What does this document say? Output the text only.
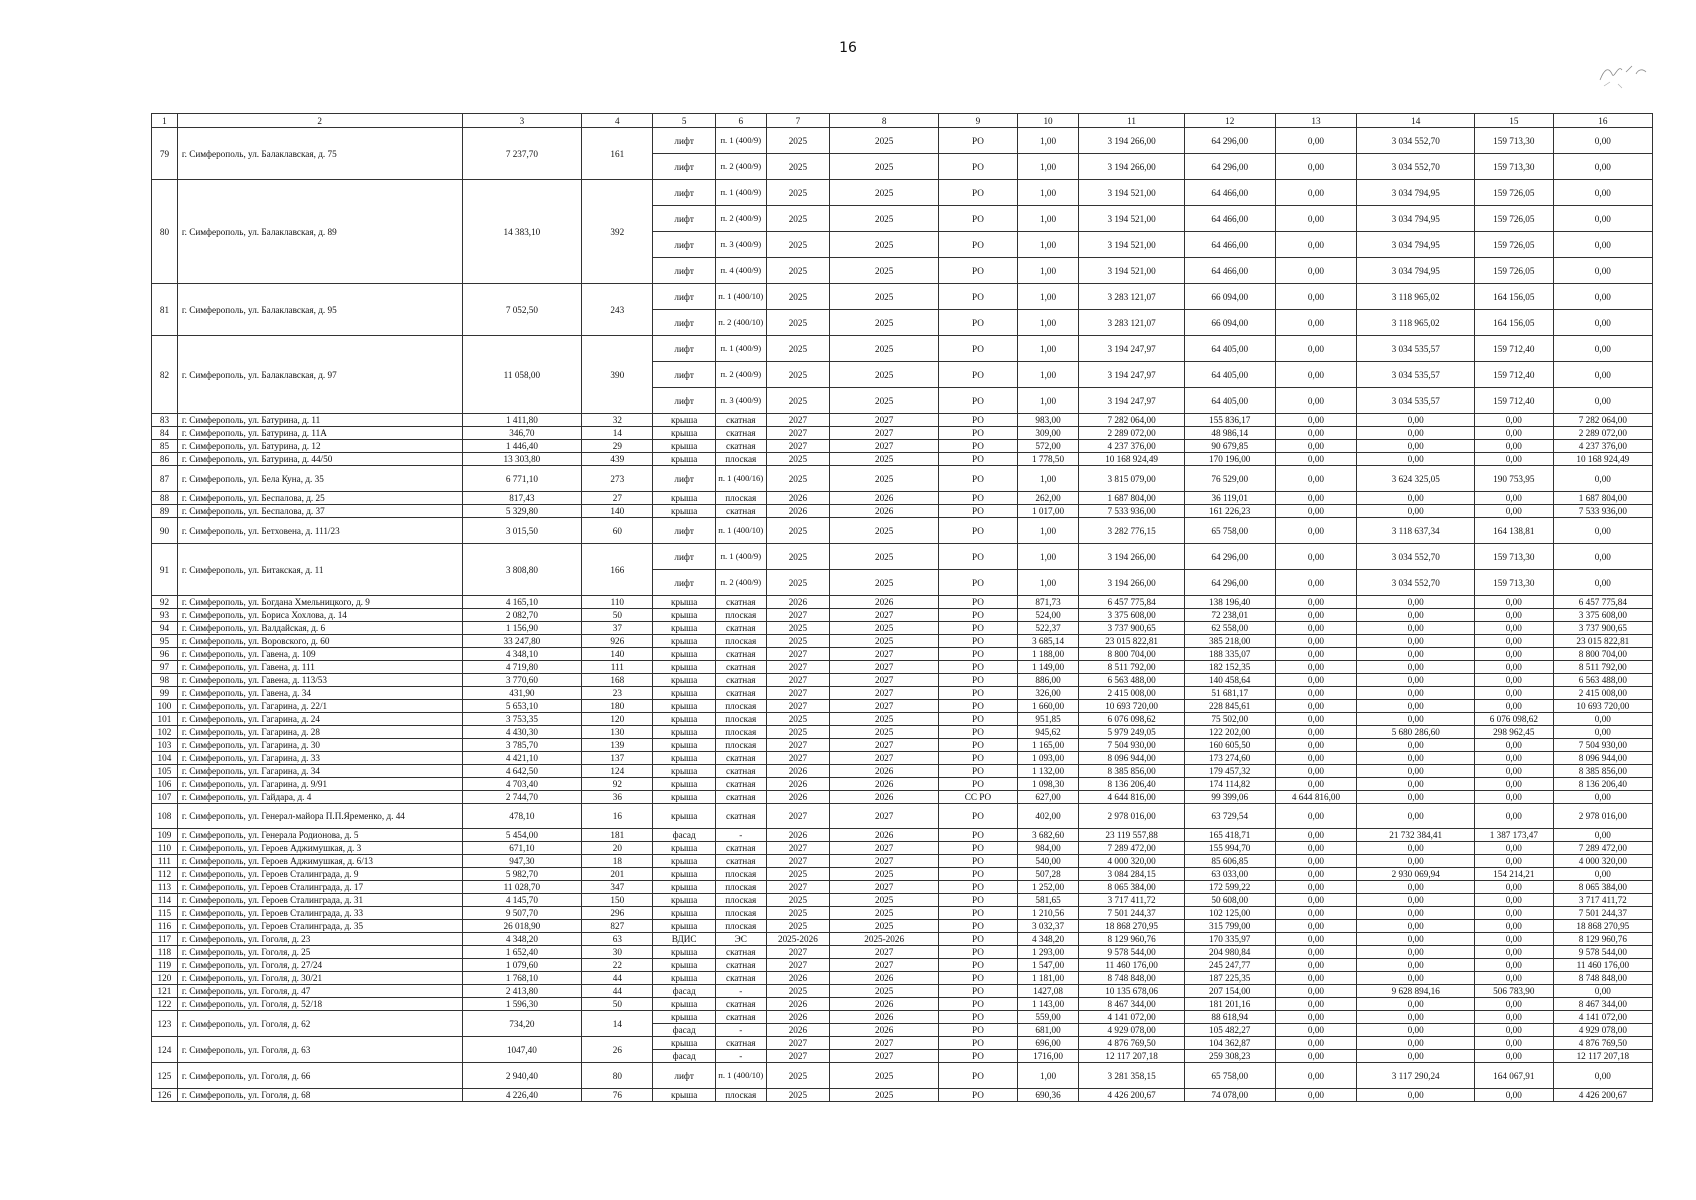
16
1	2	3	4	5	6	7	8	9	10	11	12	13	14	15	16
79	г. Симферополь, ул. Балаклавская, д. 75	7 237,70	161	лифт	п. 1 (400/9)	2025	2025	РО	1,00	3 194 266,00	64 296,00	0,00	3 034 552,70	159 713,30	0,00
				лифт	п. 2 (400/9)	2025	2025	РО	1,00	3 194 266,00	64 296,00	0,00	3 034 552,70	159 713,30	0,00
80	г. Симферополь, ул. Балаклавская, д. 89	14 383,10	392	лифт	п. 1 (400/9)	2025	2025	РО	1,00	3 194 521,00	64 466,00	0,00	3 034 794,95	159 726,05	0,00
				лифт	п. 2 (400/9)	2025	2025	РО	1,00	3 194 521,00	64 466,00	0,00	3 034 794,95	159 726,05	0,00
				лифт	п. 3 (400/9)	2025	2025	РО	1,00	3 194 521,00	64 466,00	0,00	3 034 794,95	159 726,05	0,00
				лифт	п. 4 (400/9)	2025	2025	РО	1,00	3 194 521,00	64 466,00	0,00	3 034 794,95	159 726,05	0,00
81	г. Симферополь, ул. Балаклавская, д. 95	7 052,50	243	лифт	п. 1 (400/10)	2025	2025	РО	1,00	3 283 121,07	66 094,00	0,00	3 118 965,02	164 156,05	0,00
				лифт	п. 2 (400/10)	2025	2025	РО	1,00	3 283 121,07	66 094,00	0,00	3 118 965,02	164 156,05	0,00
82	г. Симферополь, ул. Балаклавская, д. 97	11 058,00	390	лифт	п. 1 (400/9)	2025	2025	РО	1,00	3 194 247,97	64 405,00	0,00	3 034 535,57	159 712,40	0,00
				лифт	п. 2 (400/9)	2025	2025	РО	1,00	3 194 247,97	64 405,00	0,00	3 034 535,57	159 712,40	0,00
				лифт	п. 3 (400/9)	2025	2025	РО	1,00	3 194 247,97	64 405,00	0,00	3 034 535,57	159 712,40	0,00
83	г. Симферополь, ул. Батурина, д. 11	1 411,80	32	крыша	скатная	2027	2027	РО	983,00	7 282 064,00	155 836,17	0,00	0,00	0,00	7 282 064,00
84	г. Симферополь, ул. Батурина, д. 11А	346,70	14	крыша	скатная	2027	2027	РО	309,00	2 289 072,00	48 986,14	0,00	0,00	0,00	2 289 072,00
85	г. Симферополь, ул. Батурина, д. 12	1 446,40	29	крыша	скатная	2027	2027	РО	572,00	4 237 376,00	90 679,85	0,00	0,00	0,00	4 237 376,00
86	г. Симферополь, ул. Батурина, д. 44/50	13 303,80	439	крыша	плоская	2025	2025	РО	1 778,50	10 168 924,49	170 196,00	0,00	0,00	0,00	10 168 924,49
87	г. Симферополь, ул. Бела Куна, д. 35	6 771,10	273	лифт	п. 1 (400/16)	2025	2025	РО	1,00	3 815 079,00	76 529,00	0,00	3 624 325,05	190 753,95	0,00
88	г. Симферополь, ул. Беспалова, д. 25	817,43	27	крыша	плоская	2026	2026	РО	262,00	1 687 804,00	36 119,01	0,00	0,00	0,00	1 687 804,00
89	г. Симферополь, ул. Беспалова, д. 37	5 329,80	140	крыша	скатная	2026	2026	РО	1 017,00	7 533 936,00	161 226,23	0,00	0,00	0,00	7 533 936,00
90	г. Симферополь, ул. Бетховена, д. 111/23	3 015,50	60	лифт	п. 1 (400/10)	2025	2025	РО	1,00	3 282 776,15	65 758,00	0,00	3 118 637,34	164 138,81	0,00
91	г. Симферополь, ул. Битакская, д. 11	3 808,80	166	лифт	п. 1 (400/9)	2025	2025	РО	1,00	3 194 266,00	64 296,00	0,00	3 034 552,70	159 713,30	0,00
				лифт	п. 2 (400/9)	2025	2025	РО	1,00	3 194 266,00	64 296,00	0,00	3 034 552,70	159 713,30	0,00
92	г. Симферополь, ул. Богдана Хмельницкого, д. 9	4 165,10	110	крыша	скатная	2026	2026	РО	871,73	6 457 775,84	138 196,40	0,00	0,00	0,00	6 457 775,84
93	г. Симферополь, ул. Бориса Хохлова, д. 14	2 082,70	50	крыша	плоская	2027	2027	РО	524,00	3 375 608,00	72 238,01	0,00	0,00	0,00	3 375 608,00
94	г. Симферополь, ул. Валдайская, д. 6	1 156,90	37	крыша	скатная	2025	2025	РО	522,37	3 737 900,65	62 558,00	0,00	0,00	0,00	3 737 900,65
95	г. Симферополь, ул. Воровского, д. 60	33 247,80	926	крыша	плоская	2025	2025	РО	3 685,14	23 015 822,81	385 218,00	0,00	0,00	0,00	23 015 822,81
96	г. Симферополь, ул. Гавена, д. 109	4 348,10	140	крыша	скатная	2027	2027	РО	1 188,00	8 800 704,00	188 335,07	0,00	0,00	0,00	8 800 704,00
97	г. Симферополь, ул. Гавена, д. 111	4 719,80	111	крыша	скатная	2027	2027	РО	1 149,00	8 511 792,00	182 152,35	0,00	0,00	0,00	8 511 792,00
98	г. Симферополь, ул. Гавена, д. 113/53	3 770,60	168	крыша	скатная	2027	2027	РО	886,00	6 563 488,00	140 458,64	0,00	0,00	0,00	6 563 488,00
99	г. Симферополь, ул. Гавена, д. 34	431,90	23	крыша	скатная	2027	2027	РО	326,00	2 415 008,00	51 681,17	0,00	0,00	0,00	2 415 008,00
100	г. Симферополь, ул. Гагарина, д. 22/1	5 653,10	180	крыша	плоская	2027	2027	РО	1 660,00	10 693 720,00	228 845,61	0,00	0,00	0,00	10 693 720,00
101	г. Симферополь, ул. Гагарина, д. 24	3 753,35	120	крыша	плоская	2025	2025	РО	951,85	6 076 098,62	75 502,00	0,00	0,00	6 076 098,62	0,00
102	г. Симферополь, ул. Гагарина, д. 28	4 430,30	130	крыша	плоская	2025	2025	РО	945,62	5 979 249,05	122 202,00	0,00	5 680 286,60	298 962,45	0,00
103	г. Симферополь, ул. Гагарина, д. 30	3 785,70	139	крыша	плоская	2027	2027	РО	1 165,00	7 504 930,00	160 605,50	0,00	0,00	0,00	7 504 930,00
104	г. Симферополь, ул. Гагарина, д. 33	4 421,10	137	крыша	скатная	2027	2027	РО	1 093,00	8 096 944,00	173 274,60	0,00	0,00	0,00	8 096 944,00
105	г. Симферополь, ул. Гагарина, д. 34	4 642,50	124	крыша	скатная	2026	2026	РО	1 132,00	8 385 856,00	179 457,32	0,00	0,00	0,00	8 385 856,00
106	г. Симферополь, ул. Гагарина, д. 9/91	4 703,40	92	крыша	скатная	2026	2026	РО	1 098,30	8 136 206,40	174 114,82	0,00	0,00	0,00	8 136 206,40
107	г. Симферополь, ул. Гайдара, д. 4	2 744,70	36	крыша	скатная	2026	2026	СС РО	627,00	4 644 816,00	99 399,06	4 644 816,00	0,00	0,00	0,00
108	г. Симферополь, ул. Генерал-майора П.П.Яременко, д. 44	478,10	16	крыша	скатная	2027	2027	РО	402,00	2 978 016,00	63 729,54	0,00	0,00	0,00	2 978 016,00
109	г. Симферополь, ул. Генерала Родионова, д. 5	5 454,00	181	фасад	-	2026	2026	РО	3 682,60	23 119 557,88	165 418,71	0,00	21 732 384,41	1 387 173,47	0,00
110	г. Симферополь, ул. Героев Аджимушкая, д. 3	671,10	20	крыша	скатная	2027	2027	РО	984,00	7 289 472,00	155 994,70	0,00	0,00	0,00	7 289 472,00
111	г. Симферополь, ул. Героев Аджимушкая, д. 6/13	947,30	18	крыша	скатная	2027	2027	РО	540,00	4 000 320,00	85 606,85	0,00	0,00	0,00	4 000 320,00
112	г. Симферополь, ул. Героев Сталинграда, д. 9	5 982,70	201	крыша	плоская	2025	2025	РО	507,28	3 084 284,15	63 033,00	0,00	2 930 069,94	154 214,21	0,00
113	г. Симферополь, ул. Героев Сталинграда, д. 17	11 028,70	347	крыша	плоская	2027	2027	РО	1 252,00	8 065 384,00	172 599,22	0,00	0,00	0,00	8 065 384,00
114	г. Симферополь, ул. Героев Сталинграда, д. 31	4 145,70	150	крыша	плоская	2025	2025	РО	581,65	3 717 411,72	50 608,00	0,00	0,00	0,00	3 717 411,72
115	г. Симферополь, ул. Героев Сталинграда, д. 33	9 507,70	296	крыша	плоская	2025	2025	РО	1 210,56	7 501 244,37	102 125,00	0,00	0,00	0,00	7 501 244,37
116	г. Симферополь, ул. Героев Сталинграда, д. 35	26 018,90	827	крыша	плоская	2025	2025	РО	3 032,37	18 868 270,95	315 799,00	0,00	0,00	0,00	18 868 270,95
117	г. Симферополь, ул. Гоголя, д. 23	4 348,20	63	ВДИС	ЭС	2025-2026	2025-2026	РО	4 348,20	8 129 960,76	170 335,97	0,00	0,00	0,00	8 129 960,76
118	г. Симферополь, ул. Гоголя, д. 25	1 652,40	30	крыша	скатная	2027	2027	РО	1 293,00	9 578 544,00	204 980,84	0,00	0,00	0,00	9 578 544,00
119	г. Симферополь, ул. Гоголя, д. 27/24	1 079,60	22	крыша	скатная	2027	2027	РО	1 547,00	11 460 176,00	245 247,77	0,00	0,00	0,00	11 460 176,00
120	г. Симферополь, ул. Гоголя, д. 30/21	1 768,10	44	крыша	скатная	2026	2026	РО	1 181,00	8 748 848,00	187 225,35	0,00	0,00	0,00	8 748 848,00
121	г. Симферополь, ул. Гоголя, д. 47	2 413,80	44	фасад	-	2025	2025	РО	1427,08	10 135 678,06	207 154,00	0,00	9 628 894,16	506 783,90	0,00
122	г. Симферополь, ул. Гоголя, д. 52/18	1 596,30	50	крыша	скатная	2026	2026	РО	1 143,00	8 467 344,00	181 201,16	0,00	0,00	0,00	8 467 344,00
123	г. Симферополь, ул. Гоголя, д. 62	734,20	14	крыша	скатная	2026	2026	РО	559,00	4 141 072,00	88 618,94	0,00	0,00	0,00	4 141 072,00
				фасад	-	2026	2026	РО	681,00	4 929 078,00	105 482,27	0,00	0,00	0,00	4 929 078,00
124	г. Симферополь, ул. Гоголя, д. 63	1047,40	26	крыша	скатная	2027	2027	РО	696,00	4 876 769,50	104 362,87	0,00	0,00	0,00	4 876 769,50
				фасад	-	2027	2027	РО	1716,00	12 117 207,18	259 308,23	0,00	0,00	0,00	12 117 207,18
125	г. Симферополь, ул. Гоголя, д. 66	2 940,40	80	лифт	п. 1 (400/10)	2025	2025	РО	1,00	3 281 358,15	65 758,00	0,00	3 117 290,24	164 067,91	0,00
126	г. Симферополь, ул. Гоголя, д. 68	4 226,40	76	крыша	плоская	2025	2025	РО	690,36	4 426 200,67	74 078,00	0,00	0,00	0,00	4 426 200,67
